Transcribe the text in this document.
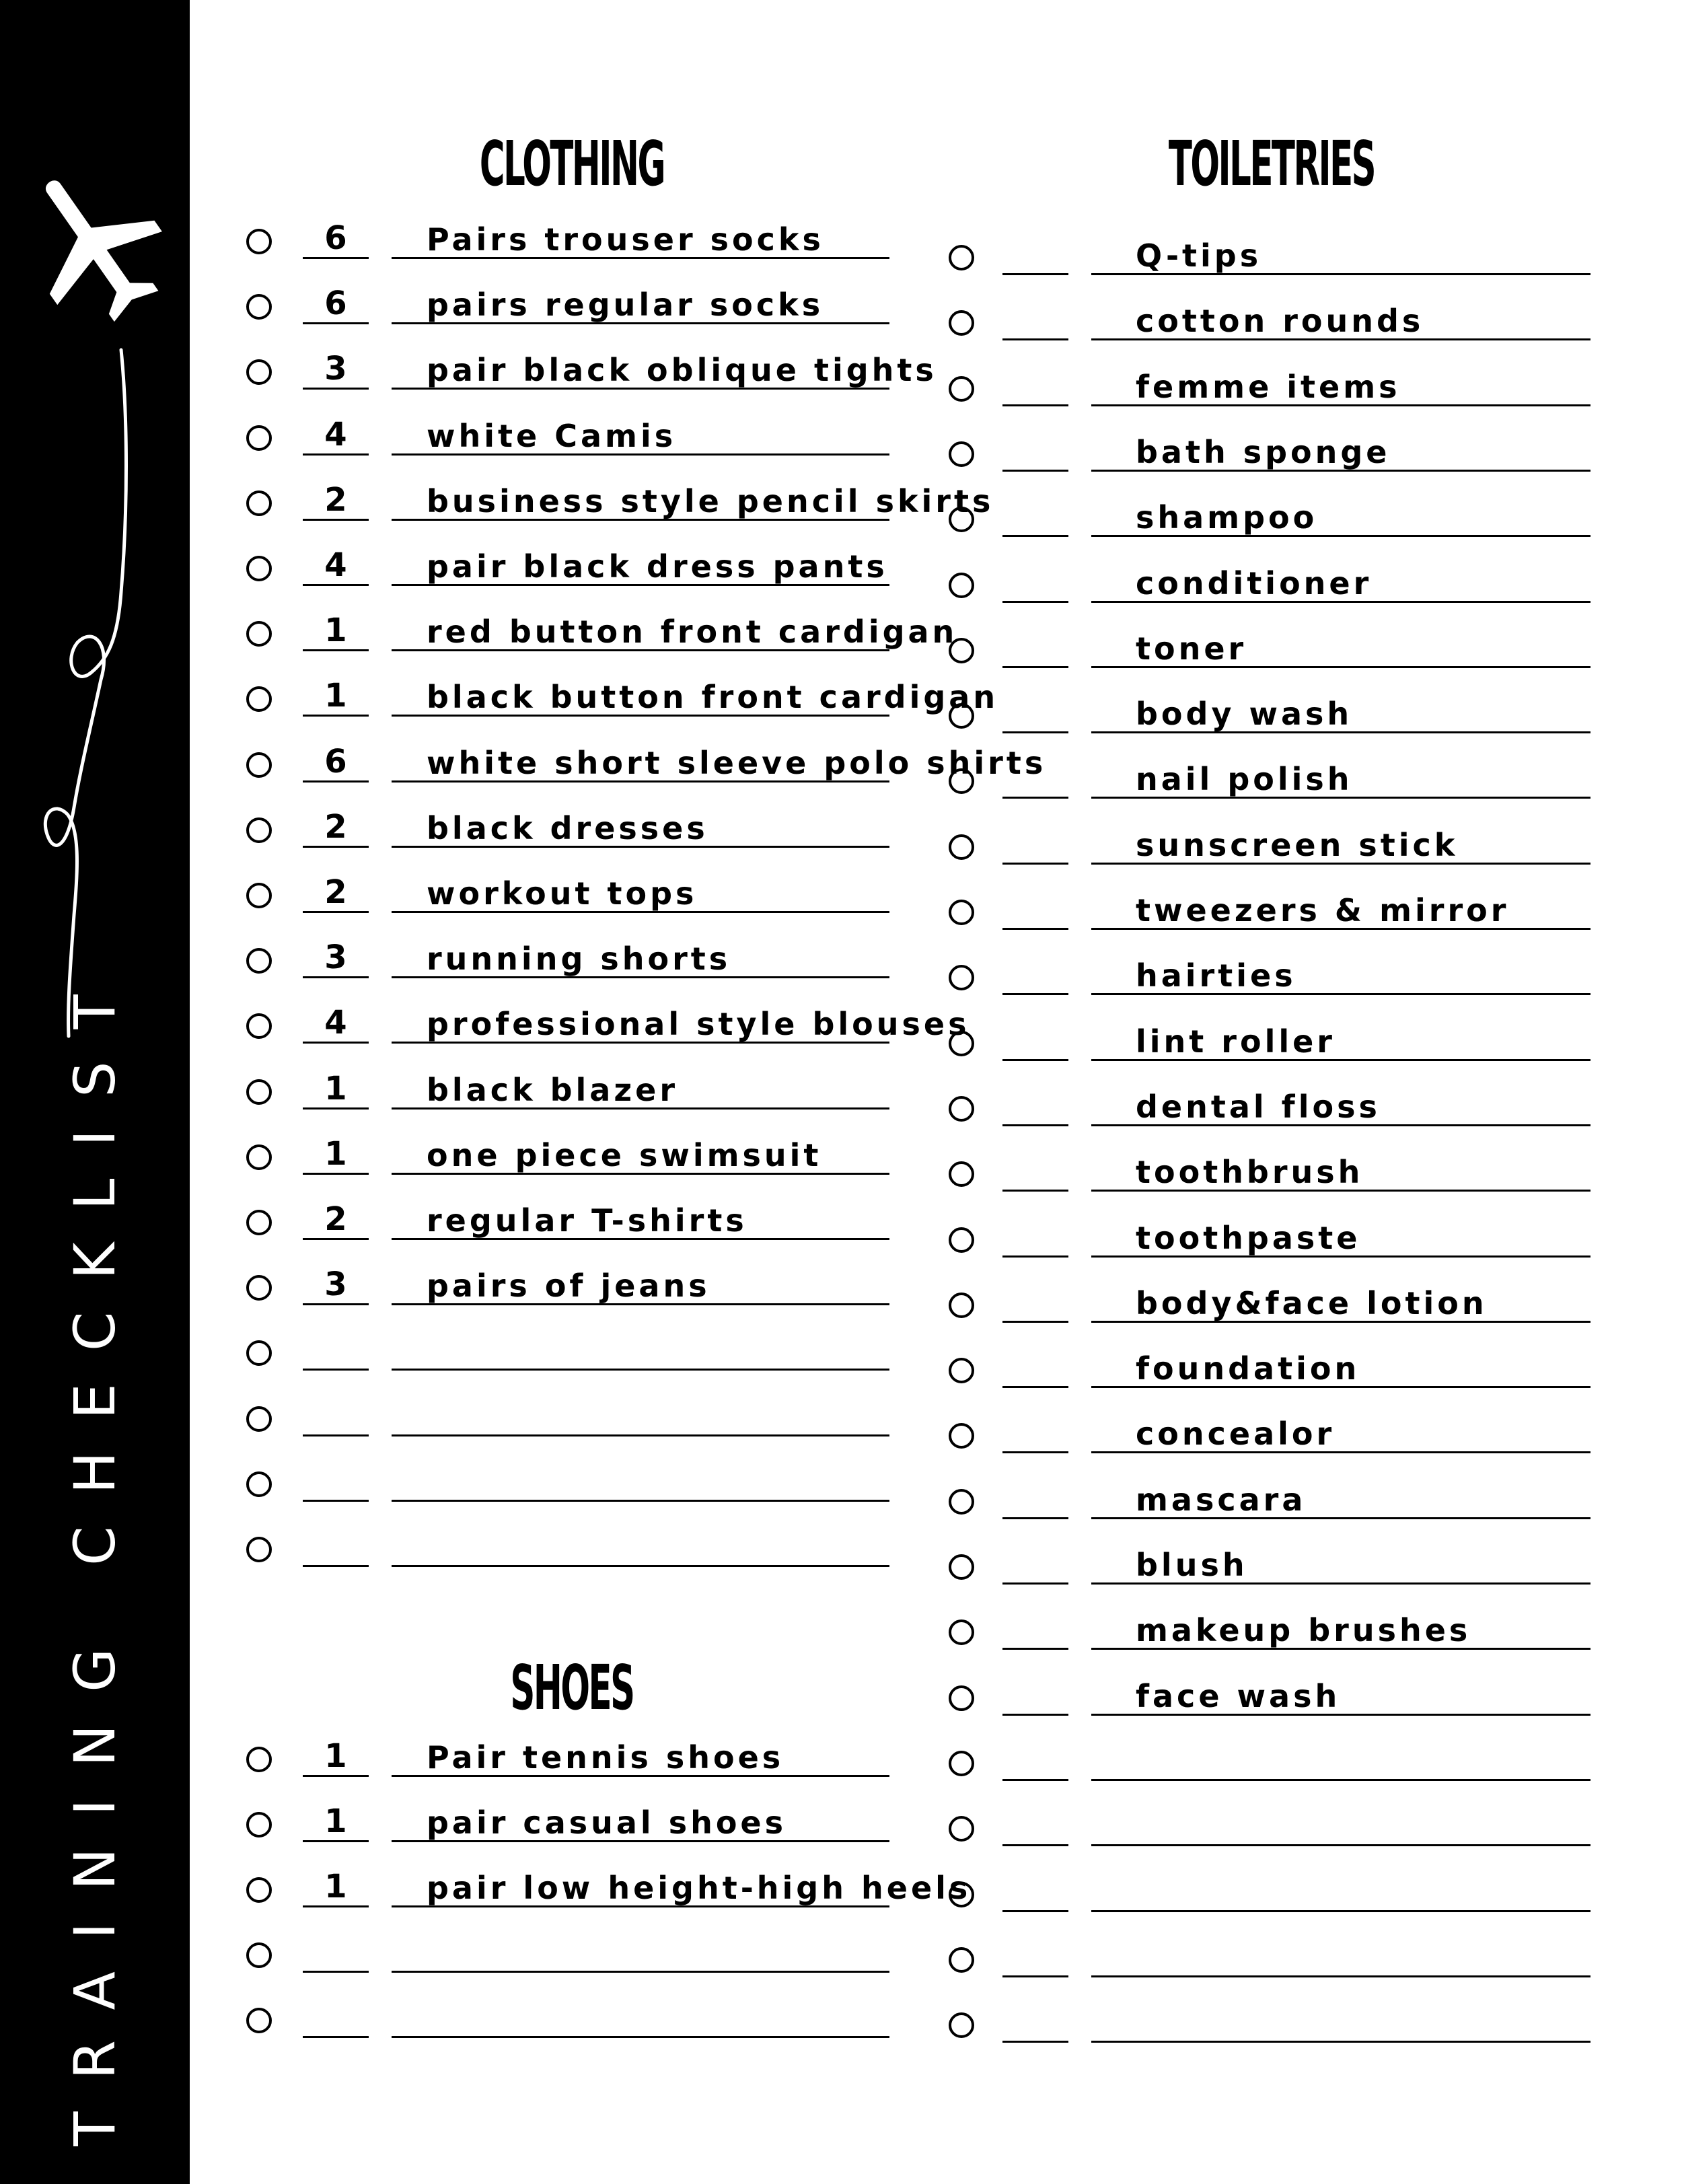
TRAINING CHECKLIST
CLOTHING
6	Pairs trouser socks
6	pairs regular socks
3	pair black oblique tights
4	white Camis
2	business style pencil skirts
4	pair black dress pants
1	red button front cardigan
1	black button front cardigan
6	white short sleeve polo shirts
2	black dresses
2	workout tops
3	running shorts
4	professional style blouses
1	black blazer
1	one piece swimsuit
2	regular T-shirts
3	pairs of jeans
SHOES
1	Pair tennis shoes
1	pair casual shoes
1	pair low height-high heels
TOILETRIES
Q-tips
cotton rounds
femme items
bath sponge
shampoo
conditioner
toner
body wash
nail polish
sunscreen stick
tweezers & mirror
hairties
lint roller
dental floss
toothbrush
toothpaste
body&face lotion
foundation
concealor
mascara
blush
makeup brushes
face wash
